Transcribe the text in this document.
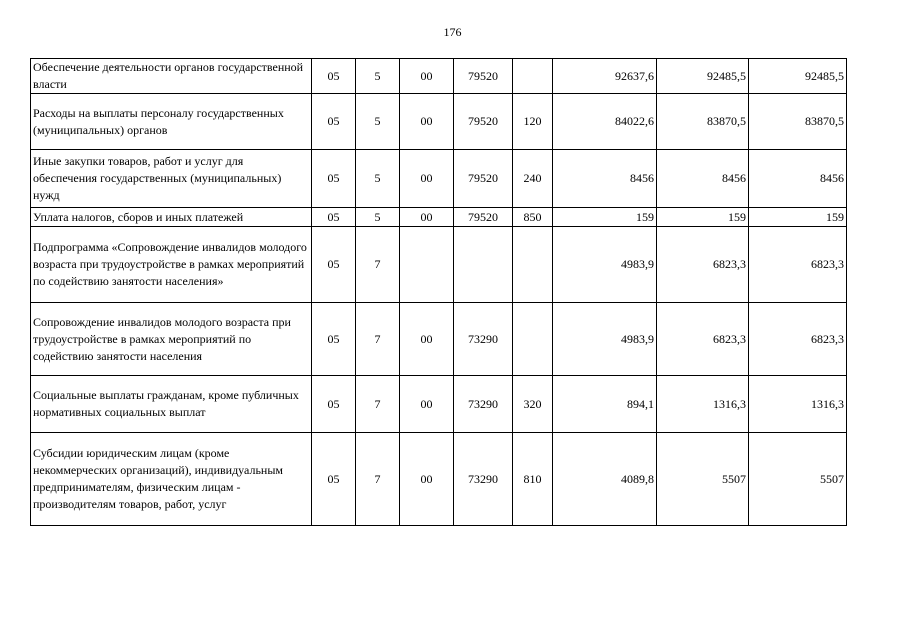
176
Обеспечение деятельности органов государственной власти	05	5	00	79520		92637,6	92485,5	92485,5
Расходы на выплаты персоналу государственных (муниципальных) органов	05	5	00	79520	120	84022,6	83870,5	83870,5
Иные закупки товаров, работ и услуг для обеспечения государственных (муниципальных) нужд	05	5	00	79520	240	8456	8456	8456
Уплата налогов, сборов и иных платежей	05	5	00	79520	850	159	159	159
Подпрограмма «Сопровождение инвалидов молодого возраста при трудоустройстве в рамках мероприятий по содействию занятости населения»	05	7				4983,9	6823,3	6823,3
Сопровождение инвалидов молодого возраста при трудоустройстве в рамках мероприятий по содействию занятости населения	05	7	00	73290		4983,9	6823,3	6823,3
Социальные выплаты гражданам, кроме публичных нормативных социальных выплат	05	7	00	73290	320	894,1	1316,3	1316,3
Субсидии юридическим лицам (кроме некоммерческих организаций), индивидуальным предпринимателям, физическим лицам - производителям товаров, работ, услуг	05	7	00	73290	810	4089,8	5507	5507
